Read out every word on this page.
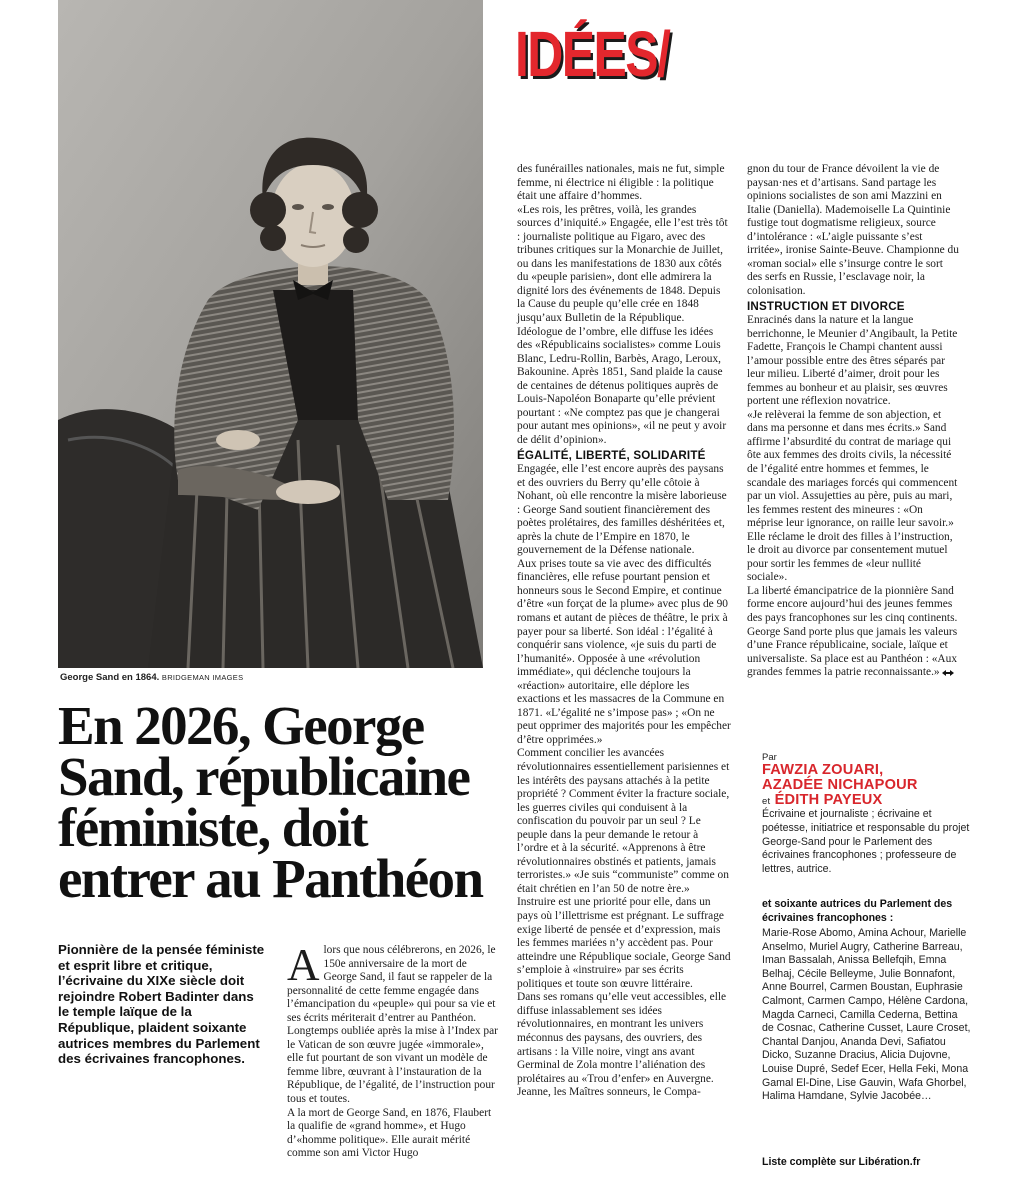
George Sand en 1864. BRIDGEMAN IMAGES
IDÉES/
En 2026, George Sand, républicaine féministe, doit entrer au Panthéon
Pionnière de la pensée féministe et esprit libre et critique, l’écrivaine du XIXe siècle doit rejoindre Robert Badinter dans le temple laïque de la République, plaident soixante autrices membres du Parlement des écrivaines francophones.

Alors que nous célébrerons, en 2026, le 150e anniversaire de la mort de George Sand, il faut se rappeler de la personnalité de cette femme engagée dans l’émancipation du «peuple» qui pour sa vie et ses écrits mériterait d’entrer au Panthéon. Longtemps oubliée après la mise à l’Index par le Vatican de son œuvre jugée «immorale», elle fut pourtant de son vivant un modèle de femme libre, œuvrant à l’instauration de la République, de l’égalité, de l’instruction pour tous et toutes.

A la mort de George Sand, en 1876, Flaubert la qualifie de «grand homme», et Hugo d’«homme politique». Elle aurait mérité comme son ami Victor Hugo

des funérailles nationales, mais ne fut, simple femme, ni électrice ni éligible : la politique était une affaire d’hommes.

«Les rois, les prêtres, voilà, les grandes sources d’iniquité.» Engagée, elle l’est très tôt : journaliste politique au Figaro, avec des tribunes critiques sur la Monarchie de Juillet, ou dans les manifestations de 1830 aux côtés du «peuple parisien», dont elle admirera la dignité lors des événements de 1848. Depuis la Cause du peuple qu’elle crée en 1848 jusqu’aux Bulletin de la République.

Idéologue de l’ombre, elle diffuse les idées des «Républicains socialistes» comme Louis Blanc, Ledru-Rollin, Barbès, Arago, Leroux, Bakounine. Après 1851, Sand plaide la cause de centaines de détenus politiques auprès de Louis-Napoléon Bonaparte qu’elle prévient pourtant : «Ne comptez pas que je changerai pour autant mes opinions», «il ne peut y avoir de délit d’opinion».

ÉGALITÉ, LIBERTÉ, SOLIDARITÉ

Engagée, elle l’est encore auprès des paysans et des ouvriers du Berry qu’elle côtoie à Nohant, où elle rencontre la misère laborieuse : George Sand soutient financièrement des poètes prolétaires, des familles déshéritées et, après la chute de l’Empire en 1870, le gouvernement de la Défense nationale.

Aux prises toute sa vie avec des difficultés financières, elle refuse pourtant pension et honneurs sous le Second Empire, et continue d’être «un forçat de la plume» avec plus de 90 romans et autant de pièces de théâtre, le prix à payer pour sa liberté. Son idéal : l’égalité à conquérir sans violence, «je suis du parti de l’humanité». Opposée à une «révolution immédiate», qui déclenche toujours la «réaction» autoritaire, elle déplore les exactions et les massacres de la Commune en 1871. «L’égalité ne s’impose pas» ; «On ne peut opprimer des majorités pour les empêcher d’être opprimées.»

Comment concilier les avancées révolutionnaires essentiellement parisiennes et les intérêts des paysans attachés à la petite propriété ? Comment éviter la fracture sociale, les guerres civiles qui conduisent à la confiscation du pouvoir par un seul ? Le peuple dans la peur demande le retour à l’ordre et à la sécurité. «Apprenons à être révolutionnaires obstinés et patients, jamais terroristes.» «Je suis “communiste” comme on était chrétien en l’an 50 de notre ère.» Instruire est une priorité pour elle, dans un pays où l’illettrisme est prégnant. Le suffrage exige liberté de pensée et d’expression, mais les femmes mariées n’y accèdent pas. Pour atteindre une République sociale, George Sand s’emploie à «instruire» par ses écrits politiques et toute son œuvre littéraire.

Dans ses romans qu’elle veut accessibles, elle diffuse inlassablement ses idées révolutionnaires, en montrant les univers méconnus des paysans, des ouvriers, des artisans : la Ville noire, vingt ans avant Germinal de Zola montre l’aliénation des prolétaires au «Trou d’enfer» en Auvergne. Jeanne, les Maîtres sonneurs, le Compa-

gnon du tour de France dévoilent la vie de paysan·nes et d’artisans. Sand partage les opinions socialistes de son ami Mazzini en Italie (Daniella). Mademoiselle La Quintinie fustige tout dogmatisme religieux, source d’intolérance : «L’aigle puissante s’est irritée», ironise Sainte-Beuve. Championne du «roman social» elle s’insurge contre le sort des serfs en Russie, l’esclavage noir, la colonisation.

INSTRUCTION ET DIVORCE

Enracinés dans la nature et la langue berrichonne, le Meunier d’Angibault, la Petite Fadette, François le Champi chantent aussi l’amour possible entre des êtres séparés par leur milieu. Liberté d’aimer, droit pour les femmes au bonheur et au plaisir, ses œuvres portent une réflexion novatrice.

«Je relèverai la femme de son abjection, et dans ma personne et dans mes écrits.» Sand affirme l’absurdité du contrat de mariage qui ôte aux femmes des droits civils, la nécessité de l’égalité entre hommes et femmes, le scandale des mariages forcés qui commencent par un viol. Assujetties au père, puis au mari, les femmes restent des mineures : «On méprise leur ignorance, on raille leur savoir.» Elle réclame le droit des filles à l’instruction, le droit au divorce par consentement mutuel pour sortir les femmes de «leur nullité sociale».

La liberté émancipatrice de la pionnière Sand forme encore aujourd’hui des jeunes femmes des pays francophones sur les cinq continents. George Sand porte plus que jamais les valeurs d’une France républicaine, sociale, laïque et universaliste. Sa place est au Panthéon : «Aux grandes femmes la patrie reconnaissante.»

Par
FAWZIA ZOUARI,
AZADÉE NICHAPOUR
et ÉDITH PAYEUX
Écrivaine et journaliste ; écrivaine et poétesse, initiatrice et responsable du projet George-Sand pour le Parlement des écrivaines francophones ; professeure de lettres, autrice.
et soixante autrices du Parlement des écrivaines francophones :
Marie-Rose Abomo, Amina Achour, Marielle Anselmo, Muriel Augry, Catherine Barreau, Iman Bassalah, Anissa Bellefqih, Emna Belhaj, Cécile Belleyme, Julie Bonnafont, Anne Bourrel, Carmen Boustan, Euphrasie Calmont, Carmen Campo, Hélène Cardona, Magda Carneci, Camilla Cederna, Bettina de Cosnac, Catherine Cusset, Laure Croset, Chantal Danjou, Ananda Devi, Safiatou Dicko, Suzanne Dracius, Alicia Dujovne, Louise Dupré, Sedef Ecer, Hella Feki, Mona Gamal El-Dine, Lise Gauvin, Wafa Ghorbel, Halima Hamdane, Sylvie Jacobée…
Liste complète sur Libération.fr
